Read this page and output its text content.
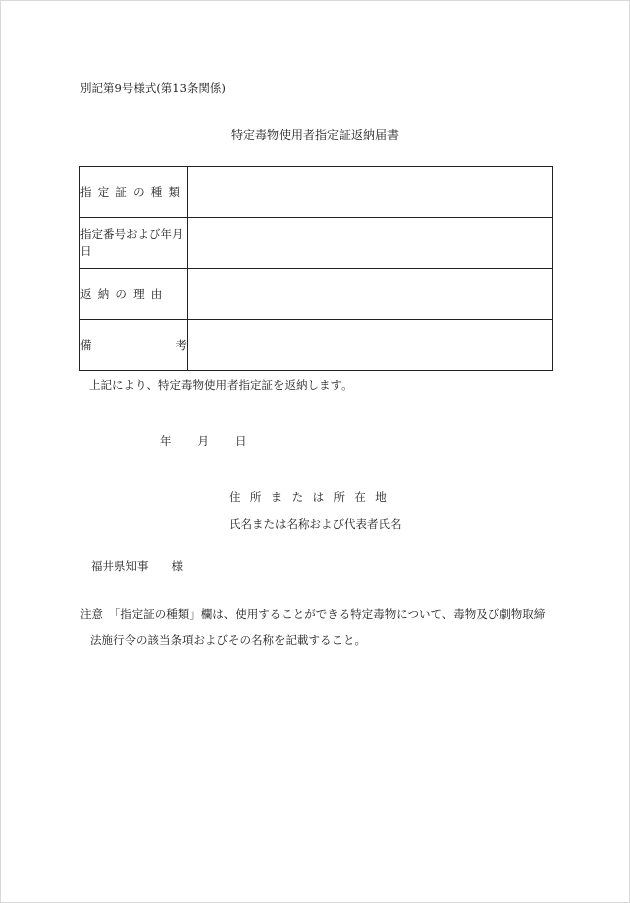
別記第9号様式(第13条関係)
特定毒物使用者指定証返納届書
指定証の種類	
指定番号および年月日	
返納の理由	

備 考	

上記により、特定毒物使用者指定証を返納します。
年 月 日
住所または所在地
氏名または名称および代表者氏名
福井県知事　　様
注意　「指定証の種類」欄は、使用することができる特定毒物について、毒物及び劇物取締
法施行令の該当条項およびその名称を記載すること。
